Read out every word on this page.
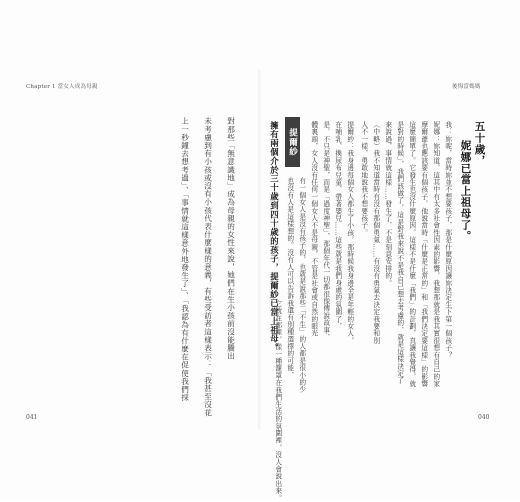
Chapter 1 當女人成為母親
對那些「無意識地」成為母親的女性來說，她們在生小孩前沒能騰出
未考慮到有小孩或沒有小孩代表什麼樣的意義，有些受訪者這樣表示：「我甚至沒花
上一秒鐘去想考過」、「事情就這樣意外地發生了」、「我認為有什麼在促使我們採
041
後悔當媽媽
五十歲，
妮娜已當上祖母了。
我：妳呢，當時妳並不想要孩子，那是什麼原因讓妳決定生下第一個孩子？
妮娜：妳知道，這其中有太多社會性因素的影響，我想那就是我其實很想有自己的家
摩爾爺也應該要有個孩子，他說當時「什麼是正常的」和「我們決定要這樣」的影響
這麼簡單了。它發生也沒什麼原因，這樣不是什麼「我們」的計劃，真讓我覺得，就
是對的時候」，我們該做了，這是對我來說不是我自己想去考慮的，就是這樣決定了
來說過，事情就這樣……發生了，不是刻意安排的。
（中略）我不知道當時有沒有那個勇氣……有沒有勇氣去決定我要和別
人不一樣，勇敢地說我不想要孩子。
提爾紗
擁有兩個介於三十歲到四十歲的孩子，提爾紗已當上祖母。
040
提爾紗：我身邊每個女人都生了小孩，那時候我身邊全是年輕的女人，
在哺乳、換尿布兒童、帶著嬰兒……這些就是我們身處的氛圍了，
是，不只是神聖，而是「過度神聖」，那個年代一切都很像傳說故事，
體裏頭，女人沒有任何一個女人不是母親，不管是社會或自然的眼光
有一個女人是沒有孩子的，也就是說那些「不生」的人都是很小的少
也沒有人是這樣想的。沒有人可以告訴我還有別種選擇的可能，
它就在那裡，像一種籠罩在我們生活的氛圍裡，沒人會說出來。
